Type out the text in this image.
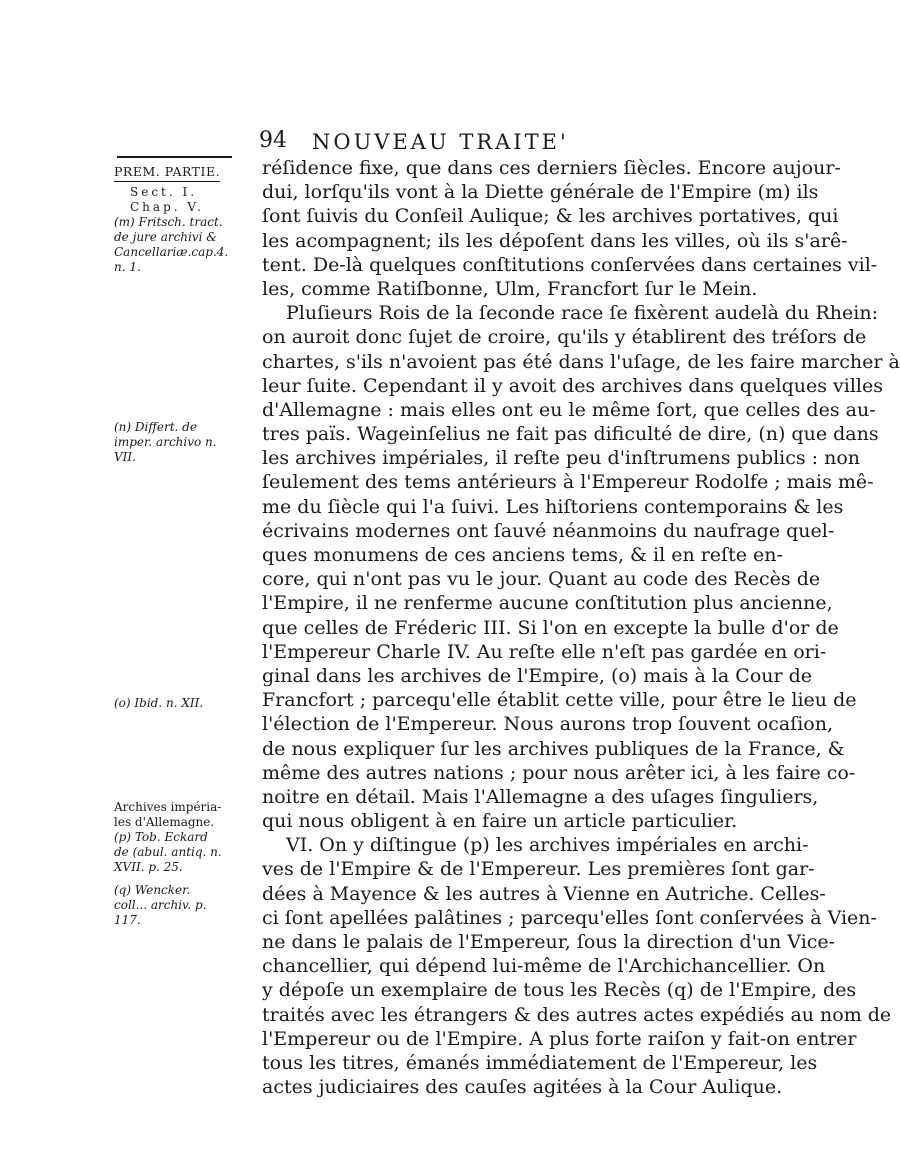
94 NOUVEAU TRAITE'
PREM. PARTIE.
Sect. I.
Chap. V.
(m) Fritsch. tract.
de jure archivi &
Cancellariæ.cap.4.
n. 1.
(n) Differt. de
imper. archivo n.
VII.
(o) Ibid. n. XII.
Archives impéria-
les d'Allemagne.
(p) Tob. Eckard
de (abul. antiq. n.
XVII. p. 25.
(q) Wencker.
coll... archiv. p.
117.
réſidence fixe, que dans ces derniers ſiècles. Encore aujour-
dui, lorſqu'ils vont à la Diette générale de l'Empire (m) ils
ſont ſuivis du Conſeil Aulique; & les archives portatives, qui
les acompagnent; ils les dépoſent dans les villes, où ils s'arê-
tent. De-là quelques conſtitutions conſervées dans certaines vil-
les, comme Ratiſbonne, Ulm, Francfort ſur le Mein.
Pluſieurs Rois de la ſeconde race ſe fixèrent audelà du Rhein:
on auroit donc ſujet de croire, qu'ils y établirent des tréſors de
chartes, s'ils n'avoient pas été dans l'uſage, de les faire marcher à
leur ſuite. Cependant il y avoit des archives dans quelques villes
d'Allemagne : mais elles ont eu le même ſort, que celles des au-
tres païs. Wageinſelius ne fait pas dificulté de dire, (n) que dans
les archives impériales, il reſte peu d'inſtrumens publics : non
ſeulement des tems antérieurs à l'Empereur Rodolfe ; mais mê-
me du ſiècle qui l'a ſuivi. Les hiſtoriens contemporains & les
écrivains modernes ont ſauvé néanmoins du naufrage quel-
ques monumens de ces anciens tems, & il en reſte en-
core, qui n'ont pas vu le jour. Quant au code des Recès de
l'Empire, il ne renferme aucune conſtitution plus ancienne,
que celles de Fréderic III. Si l'on en excepte la bulle d'or de
l'Empereur Charle IV. Au reſte elle n'eſt pas gardée en ori-
ginal dans les archives de l'Empire, (o) mais à la Cour de
Francfort ; parcequ'elle établit cette ville, pour être le lieu de
l'élection de l'Empereur. Nous aurons trop ſouvent ocaſion,
de nous expliquer ſur les archives publiques de la France, &
même des autres nations ; pour nous arêter ici, à les faire co-
noitre en détail. Mais l'Allemagne a des uſages ſinguliers,
qui nous obligent à en faire un article particulier.
VI. On y diſtingue (p) les archives impériales en archi-
ves de l'Empire & de l'Empereur. Les premières ſont gar-
dées à Mayence & les autres à Vienne en Autriche. Celles-
ci ſont apellées palâtines ; parcequ'elles ſont conſervées à Vien-
ne dans le palais de l'Empereur, ſous la direction d'un Vice-
chancellier, qui dépend lui-même de l'Archichancellier. On
y dépoſe un exemplaire de tous les Recès (q) de l'Empire, des
traités avec les étrangers & des autres actes expédiés au nom de
l'Empereur ou de l'Empire. A plus forte raiſon y fait-on entrer
tous les titres, émanés immédiatement de l'Empereur, les
actes judiciaires des cauſes agitées à la Cour Aulique.
